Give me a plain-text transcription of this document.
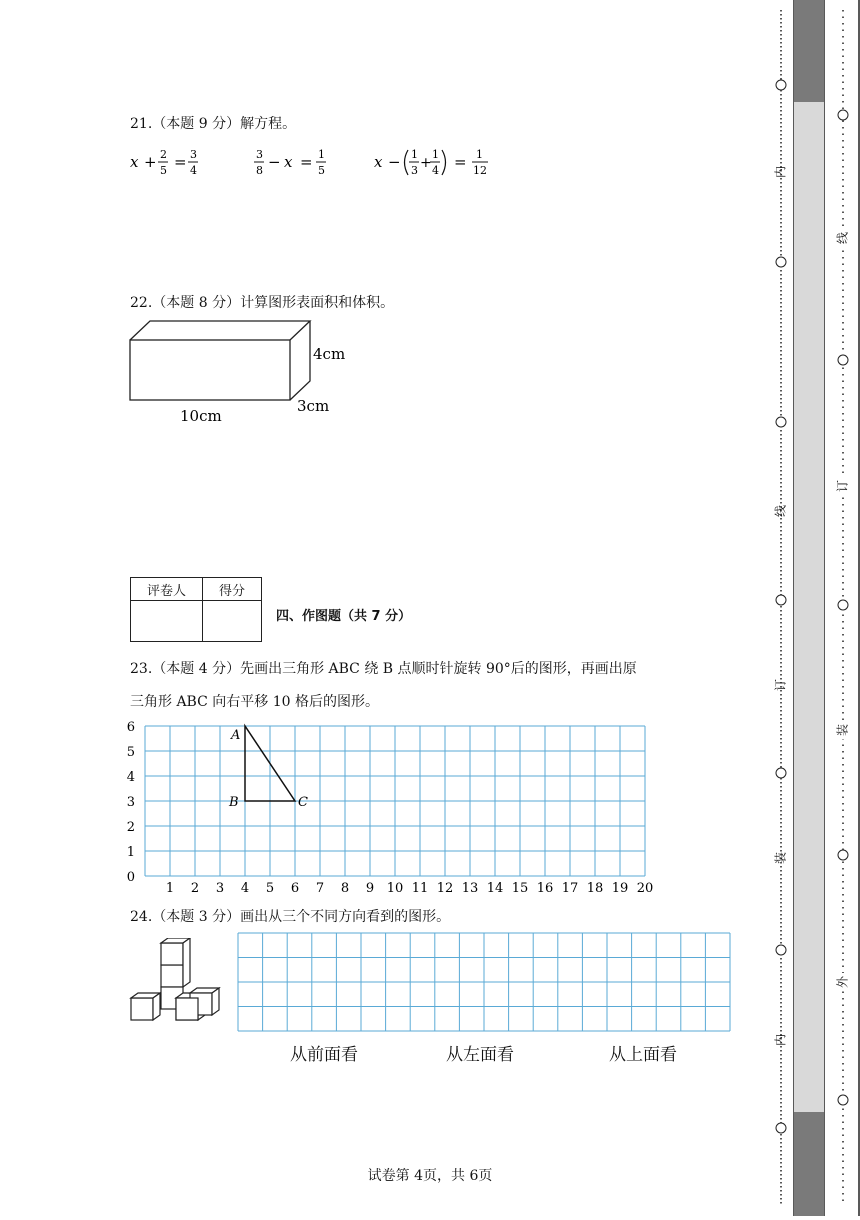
21.（本题 9 分）解方程。
x + 2
5 = 3
4
3
8 − x = 1
5	x − 1
3 +
1
4 = 1
12
22.（本题 8 分）计算图形表面积和体积。
4cm
3cm
10cm
评卷人	得分

四、作图题（共 7 分）
23.（本题 4 分）先画出三角形 ABC 绕 B 点顺时针旋转 90°后的图形，再画出原
三角形 ABC 向右平移 10 格后的图形。
1 2 3 4 5 6 7 8 9 10 11 12 13 14 15 16 17 18 19 20
0
1
2
3
4
5
6
A
B	C
24.（本题 3 分）画出从三个不同方向看到的图形。
从前面看	从左面看	从上面看
试卷第 4页，共 6页
内
线
订
装
内
线
订
装
外
